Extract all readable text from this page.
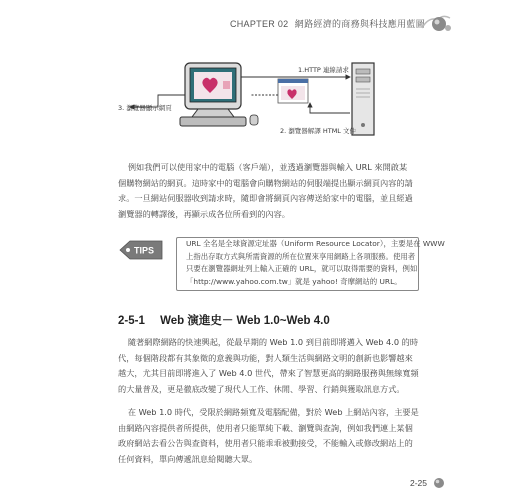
CHAPTER 02 網路經濟的商務與科技應用藍圖
1.HTTP 連線請求
2. 瀏覽器解譯 HTML 文件
3. 瀏覽器顯示網頁
例如我們可以使用家中的電腦（客戶端），並透過瀏覽器與輸入 URL 來開啟某
個購物網站的網頁。這時家中的電腦會向購物網站的伺服端提出顯示網頁內容的請
求。一旦網站伺服器收到請求時，隨即會將網頁內容傳送給家中的電腦，並且經過
瀏覽器的轉譯後，再顯示成各位所看到的內容。
TIPS
URL 全名是全球資源定址器（Uniform Resource Locator），主要是在 WWW
上指出存取方式與所需資源的所在位置來享用網路上各項服務。使用者
只要在瀏覽器網址列上輸入正確的 URL，就可以取得需要的資料，例如
「http://www.yahoo.com.tw」就是 yahoo! 奇摩網站的 URL。
2-5-1 Web 演進史－ Web 1.0~Web 4.0
隨著網際網路的快速興起，從最早期的 Web 1.0 到目前即將邁入 Web 4.0 的時
代，每個階段都有其象徵的意義與功能，對人類生活與網路文明的創新也影響越來
越大，尤其目前即將進入了 Web 4.0 世代，帶來了智慧更高的網路服務與無線寬頻
的大量普及，更是徹底改變了現代人工作、休閒、學習、行銷與獲取訊息方式。
在 Web 1.0 時代，受限於網路頻寬及電腦配備，對於 Web 上網站內容，主要是
由網路內容提供者所提供，使用者只能單純下載、瀏覽與查詢，例如我們連上某個
政府網站去看公告與查資料，使用者只能乖乖被動接受，不能輸入或修改網站上的
任何資料，單向傳遞訊息給閱聽大眾。
2-25
